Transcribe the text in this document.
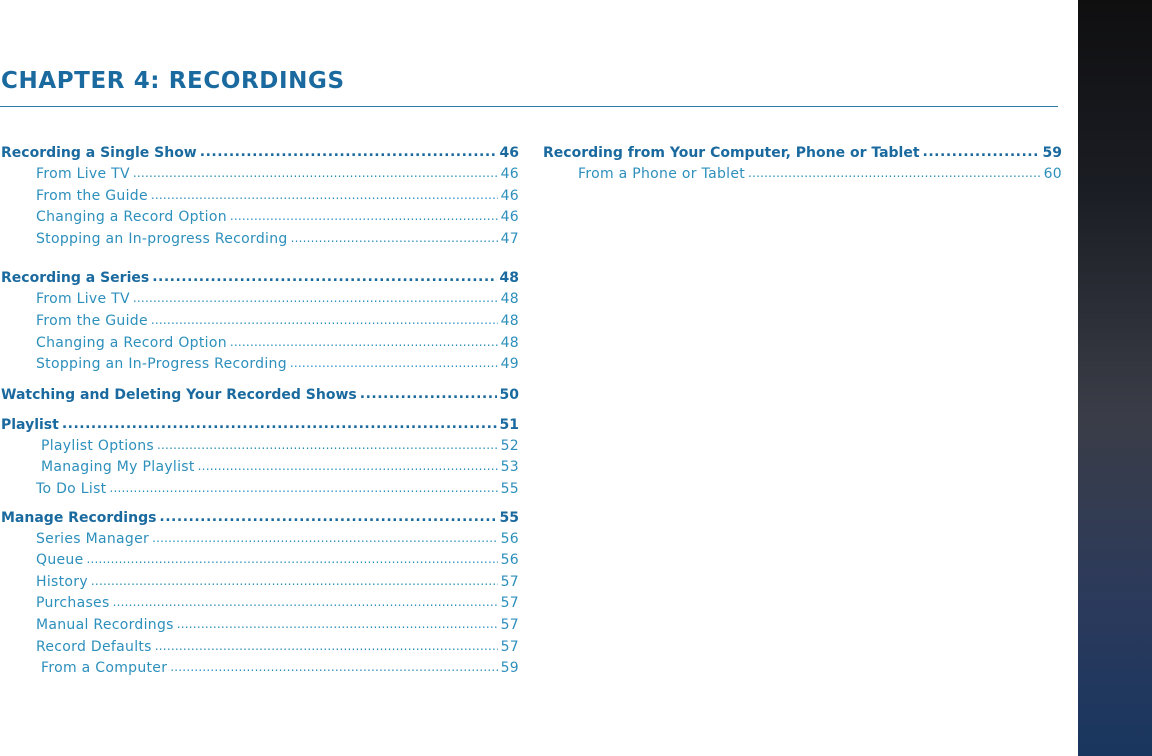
CHAPTER 4: RECORDINGS
Recording a Single Show .....	46
From Live TV .....	46
From the Guide .....	46
Changing a Record Option .....	46
Stopping an In-progress Recording .....	47
Recording a Series .....	48
From Live TV .....	48
From the Guide .....	48
Changing a Record Option .....	48
Stopping an In-Progress Recording .....	49
Watching and Deleting Your Recorded Shows .....	50
Playlist .....	51
Playlist Options .....	52
Managing My Playlist .....	53
To Do List .....	55
Manage Recordings .....	55
Series Manager .....	56
Queue .....	56
History .....	57
Purchases .....	57
Manual Recordings .....	57
Record Defaults .....	57
From a Computer .....	59
Recording from Your Computer, Phone or Tablet .....	59
From a Phone or Tablet .....	60
